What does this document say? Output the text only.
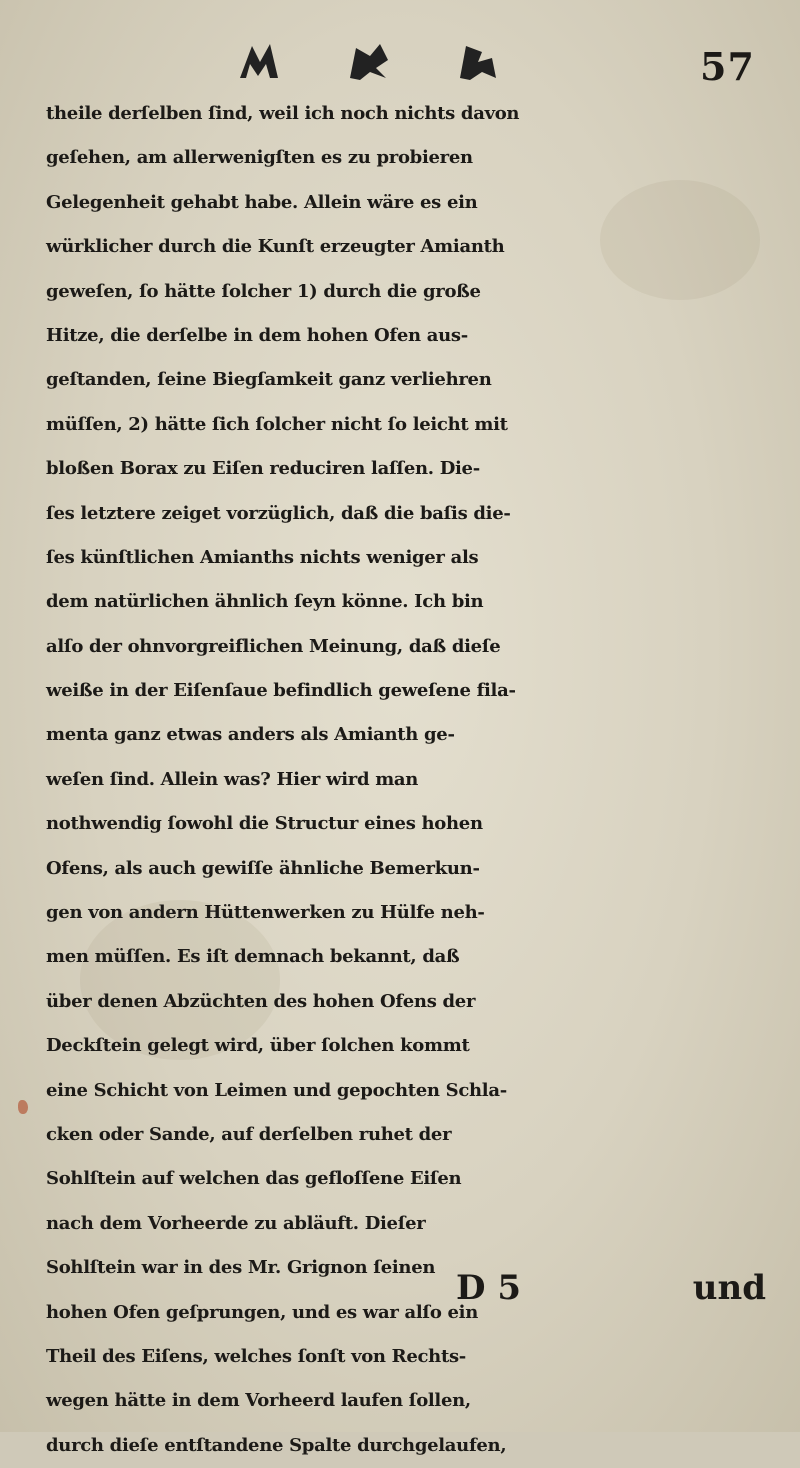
57
theile derſelben ſind, weil ich noch nichts davon
geſehen, am allerwenigſten es zu probieren
Gelegenheit gehabt habe. Allein wäre es ein
würklicher durch die Kunſt erzeugter Amianth
geweſen, ſo hätte ſolcher 1) durch die große
Hitze, die derſelbe in dem hohen Ofen aus-
geſtanden, ſeine Biegſamkeit ganz verliehren
müſſen, 2) hätte ſich ſolcher nicht ſo leicht mit
bloßen Borax zu Eiſen reduciren laſſen. Die-
ſes letztere zeiget vorzüglich, daß die baſis die-
ſes künſtlichen Amianths nichts weniger als
dem natürlichen ähnlich ſeyn könne. Ich bin
alſo der ohnvorgreiflichen Meinung, daß dieſe
weiße in der Eiſenſaue befindlich geweſene fila-
menta ganz etwas anders als Amianth ge-
weſen ſind. Allein was? Hier wird man
nothwendig ſowohl die Structur eines hohen
Ofens, als auch gewiſſe ähnliche Bemerkun-
gen von andern Hüttenwerken zu Hülfe neh-
men müſſen. Es iſt demnach bekannt, daß
über denen Abzüchten des hohen Ofens der
Deckſtein gelegt wird, über ſolchen kommt
eine Schicht von Leimen und gepochten Schla-
cken oder Sande, auf derſelben ruhet der
Sohlſtein auf welchen das gefloſſene Eiſen
nach dem Vorheerde zu abläuft. Dieſer
Sohlſtein war in des Mr. Grignon ſeinen
hohen Ofen geſprungen, und es war alſo ein
Theil des Eiſens, welches ſonſt von Rechts-
wegen hätte in dem Vorheerd laufen ſollen,
durch dieſe entſtandene Spalte durchgelaufen,
D 5	und
